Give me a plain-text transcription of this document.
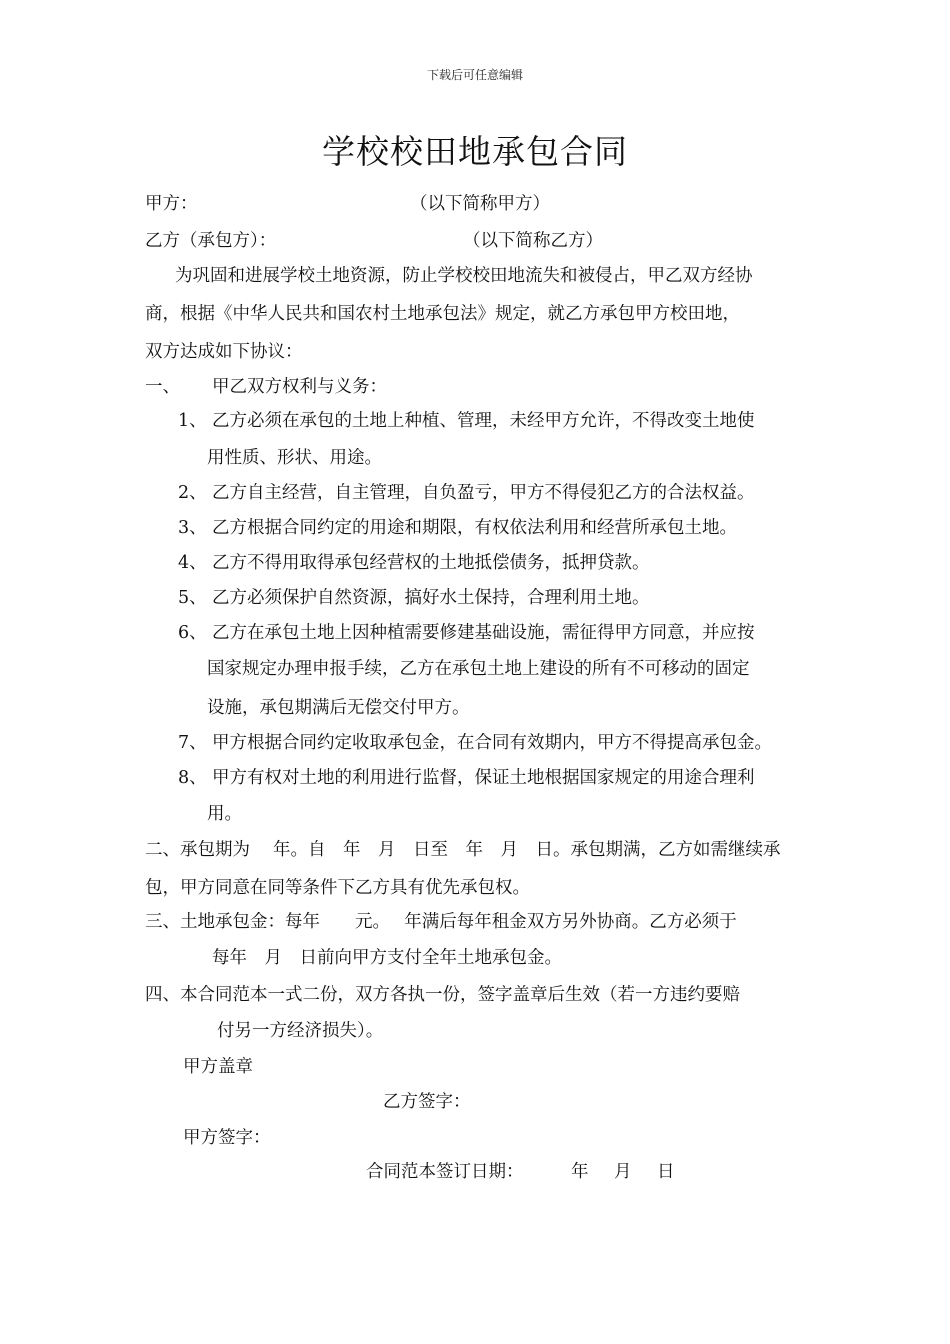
下载后可任意编辑
学校校田地承包合同
甲方：	（以下简称甲方）
乙方（承包方）：	（以下简称乙方）
为巩固和进展学校土地资源，防止学校校田地流失和被侵占，甲乙双方经协
商，根据《中华人民共和国农村土地承包法》规定，就乙方承包甲方校田地，
双方达成如下协议：
一、 甲乙双方权利与义务：
1、 乙方必须在承包的土地上种植、管理，未经甲方允许，不得改变土地使
用性质、形状、用途。
2、 乙方自主经营，自主管理，自负盈亏，甲方不得侵犯乙方的合法权益。
3、 乙方根据合同约定的用途和期限，有权依法利用和经营所承包土地。
4、 乙方不得用取得承包经营权的土地抵偿债务，抵押贷款。
5、 乙方必须保护自然资源，搞好水土保持，合理利用土地。
6、 乙方在承包土地上因种植需要修建基础设施，需征得甲方同意，并应按
国家规定办理申报手续，乙方在承包土地上建设的所有不可移动的固定
设施，承包期满后无偿交付甲方。
7、 甲方根据合同约定收取承包金，在合同有效期内，甲方不得提高承包金。
8、 甲方有权对土地的利用进行监督，保证土地根据国家规定的用途合理利
用。
二、承包期为　 年。自　年　月　日至　年　月　日。承包期满，乙方如需继续承
包，甲方同意在同等条件下乙方具有优先承包权。
三、土地承包金：每年　　元。　 年满后每年租金双方另外协商。乙方必须于
每年　月　日前向甲方支付全年土地承包金。
四、本合同范本一式二份，双方各执一份，签字盖章后生效（若一方违约要赔
付另一方经济损失）。
甲方盖章
乙方签字：
甲方签字：
合同范本签订日期：	年 月 日
